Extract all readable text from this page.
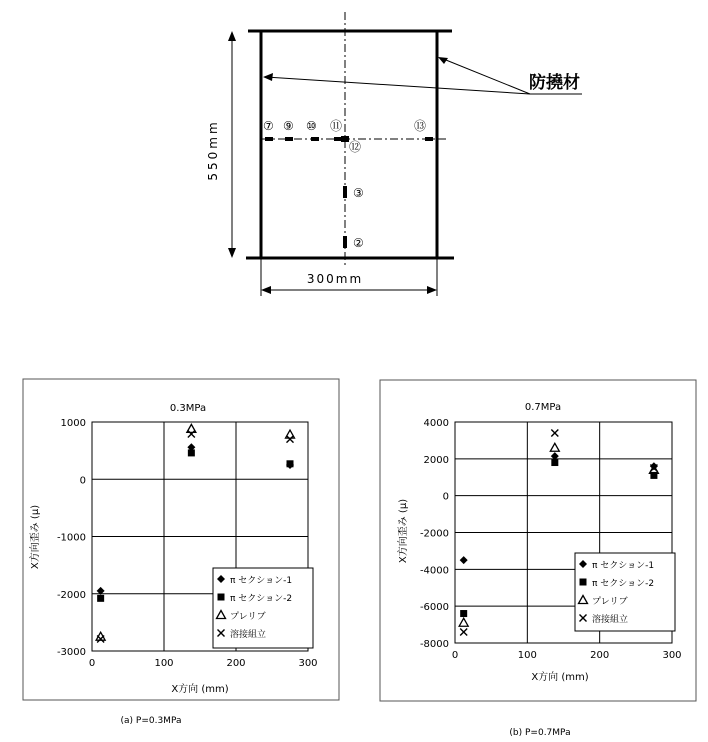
防撓材
⑦ ⑨ ⑩ ⑪	⑬
⑫
③
②
550mm
300mm
0.3MPa
1000
0
-1000
-2000
-3000
0	100	200	300
X方向 (mm)
X方向歪み (μ)
π セクション-1
π セクション-2
プレリブ
溶接組立
(a) P=0.3MPa
0.7MPa
4000
2000
0
-2000
-4000
-6000
-8000
0	100	200	300
X方向 (mm)
X方向歪み (μ)
π セクション-1
π セクション-2
プレリブ
溶接組立
(b) P=0.7MPa
